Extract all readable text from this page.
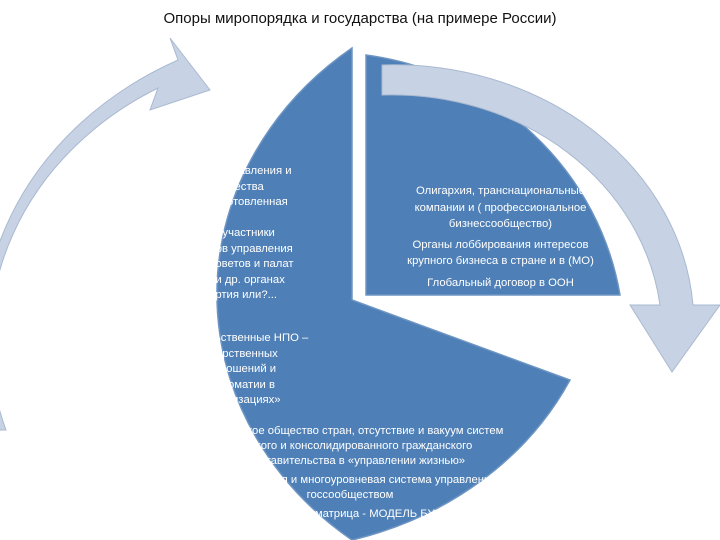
Опоры миропорядка и государства (на примере России)
Органы государственного управления и
безопасности госсообщества
(профессиональная и подготовленная
бюрократия)
Политические партии - участники
вертикали власти и органов управления
Система общественных советов и палат
при президенте страны и др. органах
управления, ОНФ – партия или?...
(РОССИЯ)
Олигархия, транснациональные
компании и ( профессиональное
бизнессообщество)
Органы лоббирования интересов
крупного бизнеса в стране и в (МО)
Глобальный договор в ООН
Органы и около правительственные НПО –
участники межгосударственных
(международных) отношений и
многосторонней дипломатии в
«международных организациях»
оон – юнеско и др.
Гражданское общество стран, отсутствие и вакуум систем
широкого и консолидированного гражданского
представительства в «управлении жизнью»
Горизонтальная и многоуровневая система управления
госсообществом
Организационная матрица - МОДЕЛЬ БУДУЩЕГО
